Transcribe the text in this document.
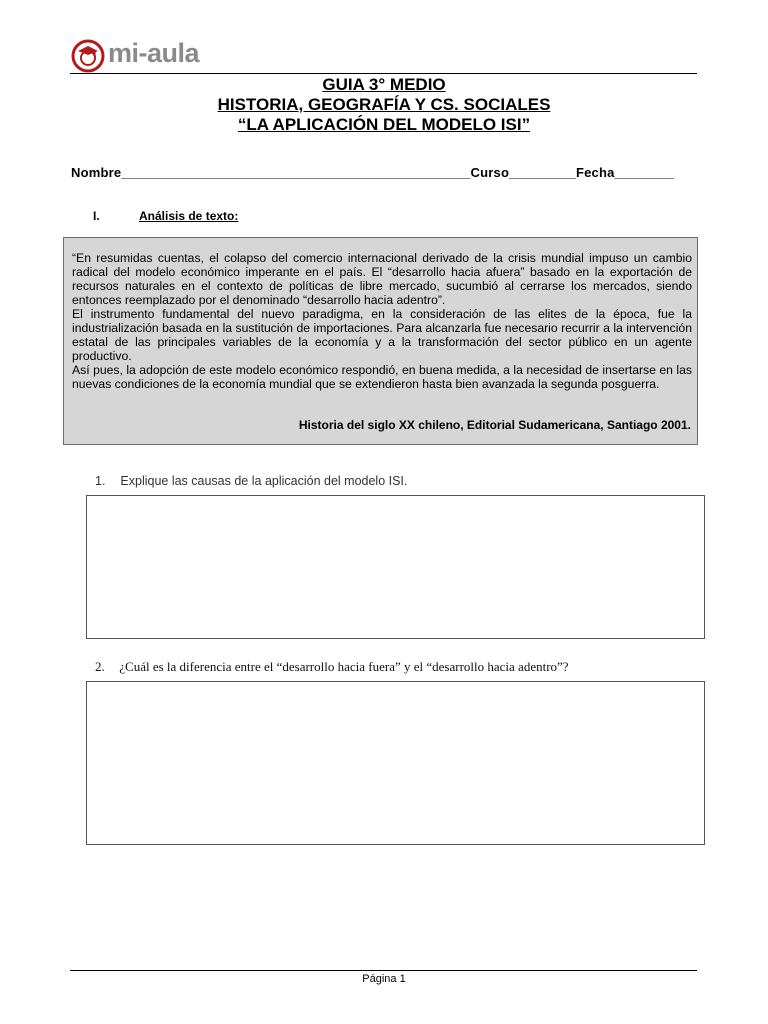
mi-aula
GUIA 3° MEDIO
HISTORIA, GEOGRAFÍA Y CS. SOCIALES
“LA APLICACIÓN DEL MODELO ISI”
Nombre_______________________________________________Curso_________Fecha________
I.	Análisis de texto:

“En resumidas cuentas, el colapso del comercio internacional derivado de la crisis mundial impuso un cambio radical del modelo económico imperante en el país. El “desarrollo hacia afuera” basado en la exportación de recursos naturales en el contexto de políticas de libre mercado, sucumbió al cerrarse los mercados, siendo entonces reemplazado por el denominado “desarrollo hacia adentro”.

El instrumento fundamental del nuevo paradigma, en la consideración de las elites de la época, fue la industrialización basada en la sustitución de importaciones. Para alcanzarla fue necesario recurrir a la intervención estatal de las principales variables de la economía y a la transformación del sector público en un agente productivo.

Así pues, la adopción de este modelo económico respondió, en buena medida, a la necesidad de insertarse en las nuevas condiciones de la economía mundial que se extendieron hasta bien avanzada la segunda posguerra.

Historia del siglo XX chileno, Editorial Sudamericana, Santiago 2001.
1. Explique las causas de la aplicación del modelo ISI.
2. ¿Cuál es la diferencia entre el “desarrollo hacia fuera” y el “desarrollo hacia adentro”?
Página 1
